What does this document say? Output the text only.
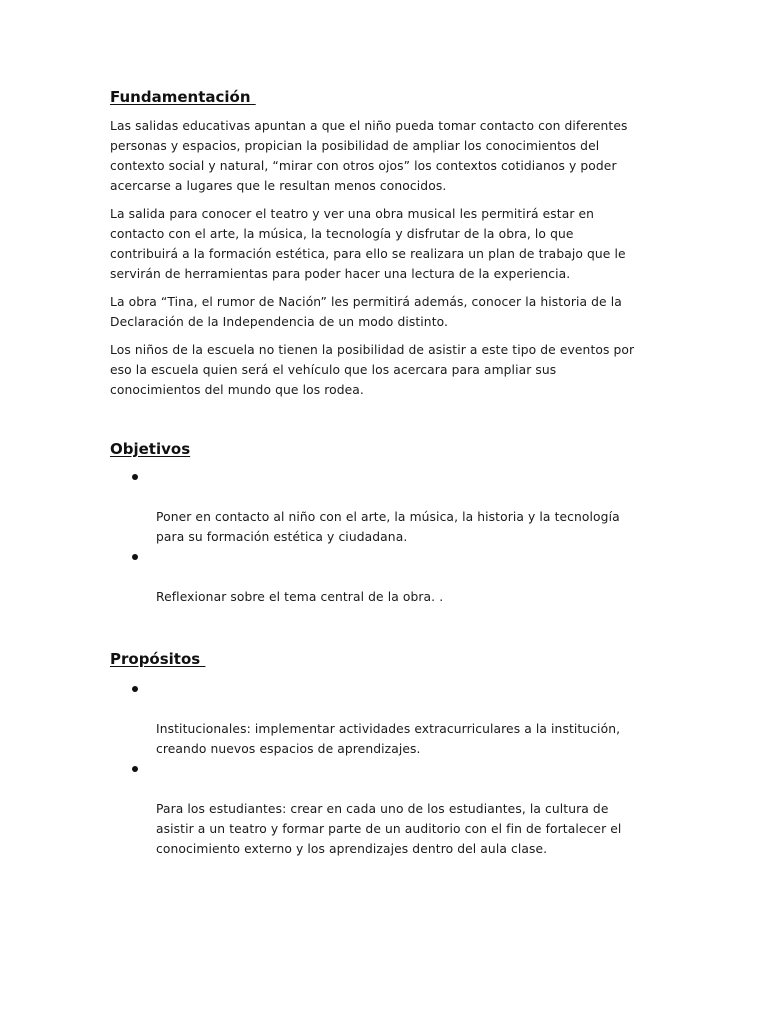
Fundamentación

Las salidas educativas apuntan a que el niño pueda tomar contacto con diferentes
personas y espacios, propician la posibilidad de ampliar los conocimientos del
contexto social y natural, “mirar con otros ojos” los contextos cotidianos y poder
acercarse a lugares que le resultan menos conocidos.

La salida para conocer el teatro y ver una obra musical les permitirá estar en
contacto con el arte, la música, la tecnología y disfrutar de la obra, lo que
contribuirá a la formación estética, para ello se realizara un plan de trabajo que le
servirán de herramientas para poder hacer una lectura de la experiencia.

La obra “Tina, el rumor de Nación” les permitirá además, conocer la historia de la
Declaración de la Independencia de un modo distinto.

Los niños de la escuela no tienen la posibilidad de asistir a este tipo de eventos por
eso la escuela quien será el vehículo que los acercara para ampliar sus
conocimientos del mundo que los rodea.

Objetivos

Poner en contacto al niño con el arte, la música, la historia y la tecnología
para su formación estética y ciudadana.

Reflexionar sobre el tema central de la obra. .

Propósitos

Institucionales: implementar actividades extracurriculares a la institución,
creando nuevos espacios de aprendizajes.

Para los estudiantes: crear en cada uno de los estudiantes, la cultura de
asistir a un teatro y formar parte de un auditorio con el fin de fortalecer el
conocimiento externo y los aprendizajes dentro del aula clase.
